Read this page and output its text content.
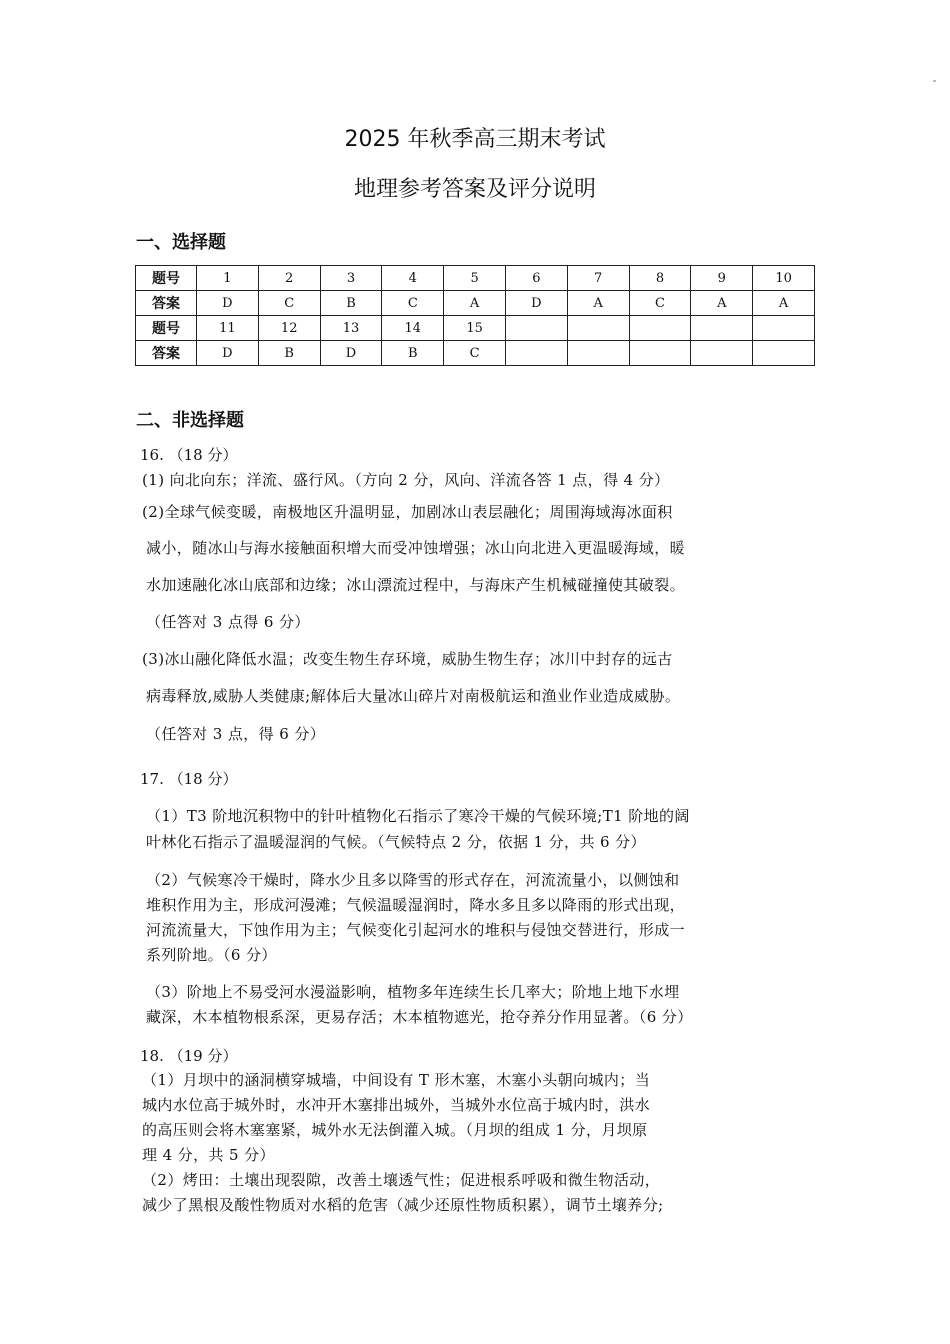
2025 年秋季高三期末考试
地理参考答案及评分说明
一、选择题
题号	1	2	3	4	5	6	7	8	9	10
答案	D	C	B	C	A	D	A	C	A	A
题号	11	12	13	14	15					
答案	D	B	D	B	C					
二、非选择题
16. （18 分）
(1) 向北向东；洋流、盛行风。（方向 2 分，风向、洋流各答 1 点，得 4 分）
(2)全球气候变暖，南极地区升温明显，加剧冰山表层融化；周围海域海冰面积
减小，随冰山与海水接触面积增大而受冲蚀增强；冰山向北进入更温暖海域，暖
水加速融化冰山底部和边缘；冰山漂流过程中，与海床产生机械碰撞使其破裂。
（任答对 3 点得 6 分）
(3)冰山融化降低水温；改变生物生存环境，威胁生物生存；冰川中封存的远古
病毒释放,威胁人类健康;解体后大量冰山碎片对南极航运和渔业作业造成威胁。
（任答对 3 点，得 6 分）
17. （18 分）
（1）T3 阶地沉积物中的针叶植物化石指示了寒冷干燥的气候环境;T1 阶地的阔
叶林化石指示了温暖湿润的气候。（气候特点 2 分，依据 1 分，共 6 分）
（2）气候寒冷干燥时，降水少且多以降雪的形式存在，河流流量小，以侧蚀和
堆积作用为主，形成河漫滩；气候温暖湿润时，降水多且多以降雨的形式出现，
河流流量大，下蚀作用为主；气候变化引起河水的堆积与侵蚀交替进行，形成一
系列阶地。（6 分）
（3）阶地上不易受河水漫溢影响，植物多年连续生长几率大；阶地上地下水埋
藏深，木本植物根系深，更易存活；木本植物遮光，抢夺养分作用显著。（6 分）
18. （19 分）
（1）月坝中的涵洞横穿城墙，中间设有 T 形木塞，木塞小头朝向城内；当
城内水位高于城外时，水冲开木塞排出城外，当城外水位高于城内时，洪水
的高压则会将木塞塞紧，城外水无法倒灌入城。（月坝的组成 1 分，月坝原
理 4 分，共 5 分）
（2）烤田：土壤出现裂隙，改善土壤透气性；促进根系呼吸和微生物活动，
减少了黑根及酸性物质对水稻的危害（减少还原性物质积累），调节土壤养分;
